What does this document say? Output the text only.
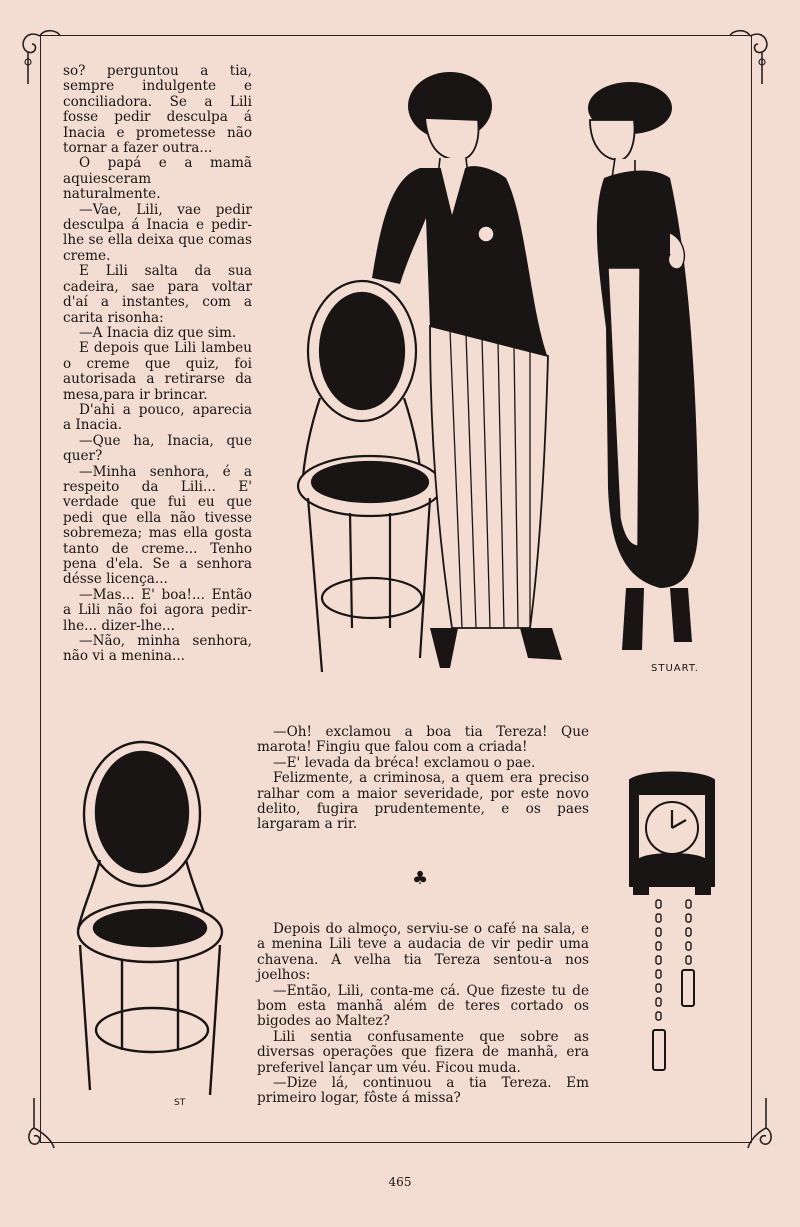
so? perguntou a tia, sempre indulgente e conciliadora. Se a Lili fosse pedir desculpa á Inacia e prometesse não tornar a fazer outra...

O papá e a mamã aquiesceram naturalmente.

—Vae, Lili, vae pedir desculpa á Inacia e pedir-lhe se ella deixa que comas creme.

E Lili salta da sua cadeira, sae para voltar d'aí a instantes, com a carita risonha:

—A Inacia diz que sim.

E depois que Lili lambeu o creme que quiz, foi autorisada a retirarse da mesa,para ir brincar.

D'ahi a pouco, aparecia a Inacia.

—Que ha, Inacia, que quer?

—Minha senhora, é a respeito da Lili... E' verdade que fui eu que pedi que ella não tivesse sobremeza; mas ella gosta tanto de creme... Tenho pena d'ela. Se a senhora désse licença...

—Mas... E' boa!... Então a Lili não foi agora pedir-lhe... dizer-lhe...

—Não, minha senhora, não vi a menina...

STUART.

—Oh! exclamou a boa tia Tereza! Que marota! Fingiu que falou com a criada!

—E' levada da bréca! exclamou o pae.

Felizmente, a criminosa, a quem era preciso ralhar com a maior severidade, por este novo delito, fugira prudentemente, e os paes largaram a rir.

♣

Depois do almoço, serviu-se o café na sala, e a menina Lili teve a audacia de vir pedir uma chavena. A velha tia Tereza sentou-a nos joelhos:

—Então, Lili, conta-me cá. Que fizeste tu de bom esta manhã além de teres cortado os bigodes ao Maltez?

Lili sentia confusamente que sobre as diversas operações que fizera de manhã, era preferivel lançar um véu. Ficou muda.

—Dize lá, continuou a tia Tereza. Em primeiro logar, fôste á missa?

ST
465
